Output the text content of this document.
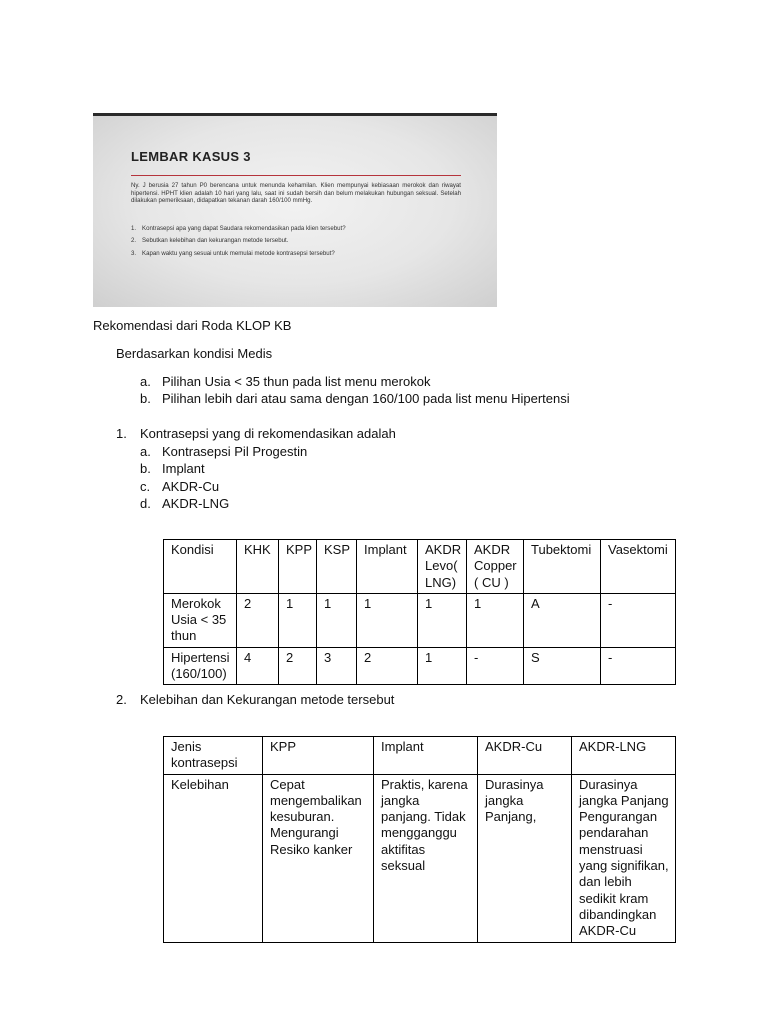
LEMBAR KASUS 3
Ny. J berusia 27 tahun P0 berencana untuk menunda kehamilan. Klien mempunyai kebiasaan merokok dan riwayat hipertensi. HPHT klien adalah 10 hari yang lalu, saat ini sudah bersih dan belum melakukan hubungan seksual. Setelah dilakukan pemeriksaan, didapatkan tekanan darah 160/100 mmHg.
1. Kontrasepsi apa yang dapat Saudara rekomendasikan pada klien tersebut?
2. Sebutkan kelebihan dan kekurangan metode tersebut.
3. Kapan waktu yang sesuai untuk memulai metode kontrasepsi tersebut?
Rekomendasi dari Roda KLOP KB
Berdasarkan kondisi Medis
a. Pilihan Usia < 35 thun pada list menu merokok
b. Pilihan lebih dari atau sama dengan 160/100 pada list menu Hipertensi
1. Kontrasepsi yang di rekomendasikan adalah
a. Kontrasepsi Pil Progestin
b. Implant
c. AKDR-Cu
d. AKDR-LNG
Kondisi	KHK	KPP	KSP	Implant	AKDR Levo( LNG)	AKDR Copper ( CU )	Tubektomi	Vasektomi
Merokok Usia < 35 thun	2	1	1	1	1	1	A	-
Hipertensi (160/100)	4	2	3	2	1	-	S	-
2. Kelebihan dan Kekurangan metode tersebut
Jenis kontrasepsi	KPP	Implant	AKDR-Cu	AKDR-LNG
Kelebihan	Cepat mengembalikan kesuburan. Mengurangi Resiko kanker	Praktis, karena jangka panjang. Tidak mengganggu aktifitas seksual	Durasinya jangka Panjang,	Durasinya jangka Panjang Pengurangan pendarahan menstruasi yang signifikan, dan lebih sedikit kram dibandingkan AKDR-Cu
